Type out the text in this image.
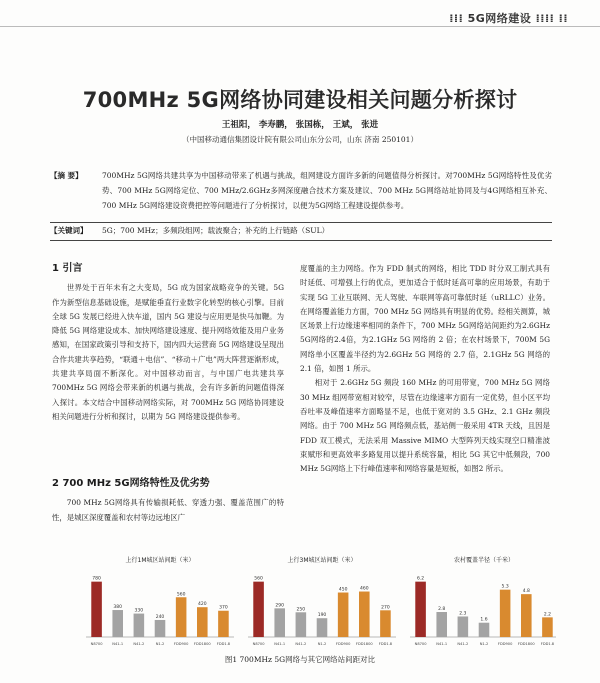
⁞⁞⁞ 5G网络建设 ⁞⁞⁞⁞ ⁞⁞
700MHz 5G网络协同建设相关问题分析探讨
王祖阳， 李寿鹏， 张国栋， 王斌， 张进
（中国移动通信集团设计院有限公司山东分公司，山东 济南 250101）
【摘 要】	700MHz 5G网络共建共享为中国移动带来了机遇与挑战，组网建设方面许多新的问题值得分析探讨。对700MHz 5G网络特性及优劣势、700 MHz 5G网络定位、700 MHz/2.6GHz多网深度融合技术方案及建议、700 MHz 5G网络站址协同及与4G网络相互补充、700 MHz 5G网络建设资费把控等问题进行了分析探讨，以便为5G网络工程建设提供参考。
【关键词】	5G；700 MHz；多频段组网；载波聚合；补充的上行链路（SUL）
1 引言

世界处于百年未有之大变局，5G 成为国家战略竞争的关键。5G 作为新型信息基础设施，是赋能垂直行业数字化转型的核心引擎。目前全球 5G 发展已经进入快车道，国内 5G 建设与应用更是快马加鞭。为降低 5G 网络建设成本、加快网络建设速度、提升网络效能及用户业务感知，在国家政策引导和支持下，国内四大运营商 5G 网络建设呈现出合作共建共享趋势，“联通＋电信”、“移动＋广电”两大阵营逐渐形成，共建共享局面不断深化。对中国移动而言，与中国广电共建共享 700MHz 5G 网络会带来新的机遇与挑战，会有许多新的问题值得深入探讨。本文结合中国移动网络实际，对 700MHz 5G 网络协同建设相关问题进行分析和探讨，以期为 5G 网络建设提供参考。

2 700 MHz 5G网络特性及优劣势

700 MHz 5G网络具有传输损耗低、穿透力强、覆盖范围广的特性，是城区深度覆盖和农村等边远地区广

度覆盖的主力网络。作为 FDD 制式的网络，相比 TDD 时分双工制式具有时延低、可增强上行的优点，更加适合于低时延高可靠的应用场景，有助于实现 5G 工业互联网、无人驾驶、车联网等高可靠低时延（uRLLC）业务。在网络覆盖能力方面，700 MHz 5G 网络具有明显的优势。经相关测算，城区场景上行边缘速率相同的条件下，700 MHz 5G网络站间距约为2.6GHz 5G网络的2.4倍，为2.1GHz 5G 网络的 2 倍；在农村场景下，700M 5G 网络单小区覆盖半径约为2.6GHz 5G 网络的 2.7 倍，2.1GHz 5G 网络的 2.1 倍，如图 1 所示。

相对于 2.6GHz 5G 频段 160 MHz 的可用带宽，700 MHz 5G 网络 30 MHz 组网带宽相对较窄，尽管在边缘速率方面有一定优势，但小区平均吞吐率及峰值速率方面略显不足，也低于宽对的 3.5 GHz、2.1 GHz 频段网络。由于 700 MHz 5G 网络频点低，基站侧一般采用 4TR 天线，且因是 FDD 双工模式，无法采用 Massive MIMO 大型阵列天线实现空口精准波束赋形和更高效率多路复用以提升系统容量，相比 5G 其它中低频段，700 MHz 5G网络上下行峰值速率和网络容量是短板，如图2 所示。

上行1M城区站间距（米）
780
N8700
380
N41-1
330
N41-2
240
N1-2
560
FDD900
420
FDD1800
370
FDD1.8
上行3M城区站间距（米）
560
N8700
290
N41-1
250
N41-2
190
N1-2
450
FDD900
460
FDD1800
270
FDD1.8
农村覆盖半径（千米）
6.2
N8700
2.8
N41-1
2.3
N41-2
1.6
N1-2
5.3
FDD900
4.8
FDD1800
2.2
FDD1.8
图1 700MHz 5G网络与其它网络站间距对比
